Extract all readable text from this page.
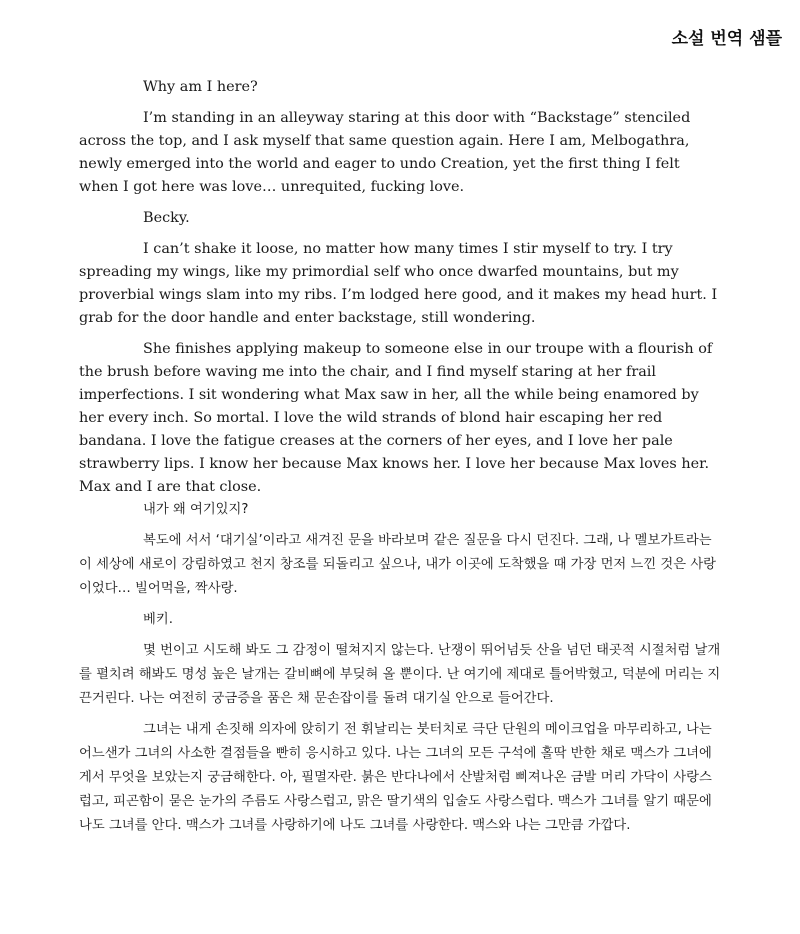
소설 번역 샘플

Why am I here?

I’m standing in an alleyway staring at this door with “Backstage” stenciled across the top, and I ask myself that same question again. Here I am, Melbogathra, newly emerged into the world and eager to undo Creation, yet the first thing I felt when I got here was love… unrequited, fucking love.

Becky.

I can’t shake it loose, no matter how many times I stir myself to try. I try spreading my wings, like my primordial self who once dwarfed mountains, but my proverbial wings slam into my ribs. I’m lodged here good, and it makes my head hurt. I grab for the door handle and enter backstage, still wondering.

She finishes applying makeup to someone else in our troupe with a flourish of the brush before waving me into the chair, and I find myself staring at her frail imperfections. I sit wondering what Max saw in her, all the while being enamored by her every inch. So mortal. I love the wild strands of blond hair escaping her red bandana. I love the fatigue creases at the corners of her eyes, and I love her pale strawberry lips. I know her because Max knows her. I love her because Max loves her. Max and I are that close.

내가 왜 여기있지?

복도에 서서 ‘대기실’이라고 새겨진 문을 바라보며 같은 질문을 다시 던진다. 그래, 나 멜보가트라는 이 세상에 새로이 강림하였고 천지 창조를 되돌리고 싶으나, 내가 이곳에 도착했을 때 가장 먼저 느낀 것은 사랑이었다… 빌어먹을, 짝사랑.

베키.

몇 번이고 시도해 봐도 그 감정이 떨쳐지지 않는다. 난쟁이 뛰어넘듯 산을 넘던 태곳적 시절처럼 날개를 펼치려 해봐도 명성 높은 날개는 갈비뼈에 부딪혀 올 뿐이다. 난 여기에 제대로 틀어박혔고, 덕분에 머리는 지끈거린다. 나는 여전히 궁금증을 품은 채 문손잡이를 돌려 대기실 안으로 들어간다.

그녀는 내게 손짓해 의자에 앉히기 전 휘날리는 붓터치로 극단 단원의 메이크업을 마무리하고, 나는 어느샌가 그녀의 사소한 결점들을 빤히 응시하고 있다. 나는 그녀의 모든 구석에 홀딱 반한 채로 맥스가 그녀에게서 무엇을 보았는지 궁금해한다. 아, 필멸자란. 붉은 반다나에서 산발처럼 삐져나온 금발 머리 가닥이 사랑스럽고, 피곤함이 묻은 눈가의 주름도 사랑스럽고, 맑은 딸기색의 입술도 사랑스럽다. 맥스가 그녀를 알기 때문에 나도 그녀를 안다. 맥스가 그녀를 사랑하기에 나도 그녀를 사랑한다. 맥스와 나는 그만큼 가깝다.
